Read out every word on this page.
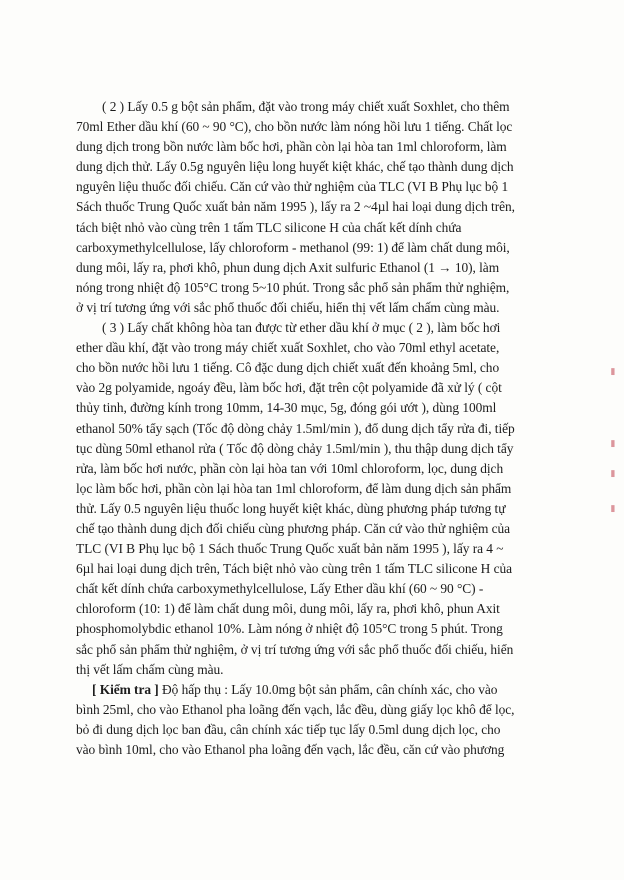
( 2 ) Lấy 0.5 g bột sản phẩm, đặt vào trong máy chiết xuất Soxhlet, cho thêm
70ml Ether dầu khí (60 ~ 90 °C), cho bồn nước làm nóng hồi lưu 1 tiếng. Chất lọc
dung dịch trong bồn nước làm bốc hơi, phần còn lại hòa tan 1ml chloroform, làm
dung dịch thử. Lấy 0.5g nguyên liệu long huyết kiệt khác, chế tạo thành dung dịch
nguyên liệu thuốc đối chiếu. Căn cứ vào thử nghiệm của TLC (VI B Phụ lục bộ 1
Sách thuốc Trung Quốc xuất bản năm 1995 ), lấy ra 2 ~4µl hai loại dung dịch trên,
tách biệt nhỏ vào cùng trên 1 tấm TLC silicone H của chất kết dính chứa
carboxymethylcellulose, lấy chloroform - methanol (99: 1) để làm chất dung môi,
dung môi, lấy ra, phơi khô, phun dung dịch Axit sulfuric Ethanol (1 → 10), làm
nóng trong nhiệt độ 105°C trong 5~10 phút. Trong sắc phổ sản phẩm thử nghiệm,
ở vị trí tương ứng với sắc phổ thuốc đối chiếu, hiển thị vết lấm chấm cùng màu.
( 3 ) Lấy chất không hòa tan được từ ether dầu khí ở mục ( 2 ), làm bốc hơi
ether dầu khí, đặt vào trong máy chiết xuất Soxhlet, cho vào 70ml ethyl acetate,
cho bồn nước hồi lưu 1 tiếng. Cô đặc dung dịch chiết xuất đến khoảng 5ml, cho
vào 2g polyamide, ngoáy đều, làm bốc hơi, đặt trên cột polyamide đã xử lý ( cột
thủy tinh, đường kính trong 10mm, 14-30 mục, 5g, đóng gói ướt ), dùng 100ml
ethanol 50% tẩy sạch (Tốc độ dòng chảy 1.5ml/min ), đổ dung dịch tẩy rửa đi, tiếp
tục dùng 50ml ethanol rửa ( Tốc độ dòng chảy 1.5ml/min ), thu thập dung dịch tẩy
rửa, làm bốc hơi nước, phần còn lại hòa tan với 10ml chloroform, lọc, dung dịch
lọc làm bốc hơi, phần còn lại hòa tan 1ml chloroform, để làm dung dịch sản phẩm
thử. Lấy 0.5 nguyên liệu thuốc long huyết kiệt khác, dùng phương pháp tương tự
chế tạo thành dung dịch đối chiếu cùng phương pháp. Căn cứ vào thử nghiệm của
TLC (VI B Phụ lục bộ 1 Sách thuốc Trung Quốc xuất bản năm 1995 ), lấy ra 4 ~
6µl hai loại dung dịch trên, Tách biệt nhỏ vào cùng trên 1 tấm TLC silicone H của
chất kết dính chứa carboxymethylcellulose, Lấy Ether dầu khí (60 ~ 90 °C) -
chloroform (10: 1) để làm chất dung môi, dung môi, lấy ra, phơi khô, phun Axit
phosphomolybdic ethanol 10%. Làm nóng ở nhiệt độ 105°C trong 5 phút. Trong
sắc phổ sản phẩm thử nghiệm, ở vị trí tương ứng với sắc phổ thuốc đối chiếu, hiển
thị vết lấm chấm cùng màu.
[ Kiểm tra ] Độ hấp thụ : Lấy 10.0mg bột sản phẩm, cân chính xác, cho vào
bình 25ml, cho vào Ethanol pha loãng đến vạch, lắc đều, dùng giấy lọc khô để lọc,
bỏ đi dung dịch lọc ban đầu, cân chính xác tiếp tục lấy 0.5ml dung dịch lọc, cho
vào bình 10ml, cho vào Ethanol pha loãng đến vạch, lắc đều, căn cứ vào phương
▮
▮
▮
▮
